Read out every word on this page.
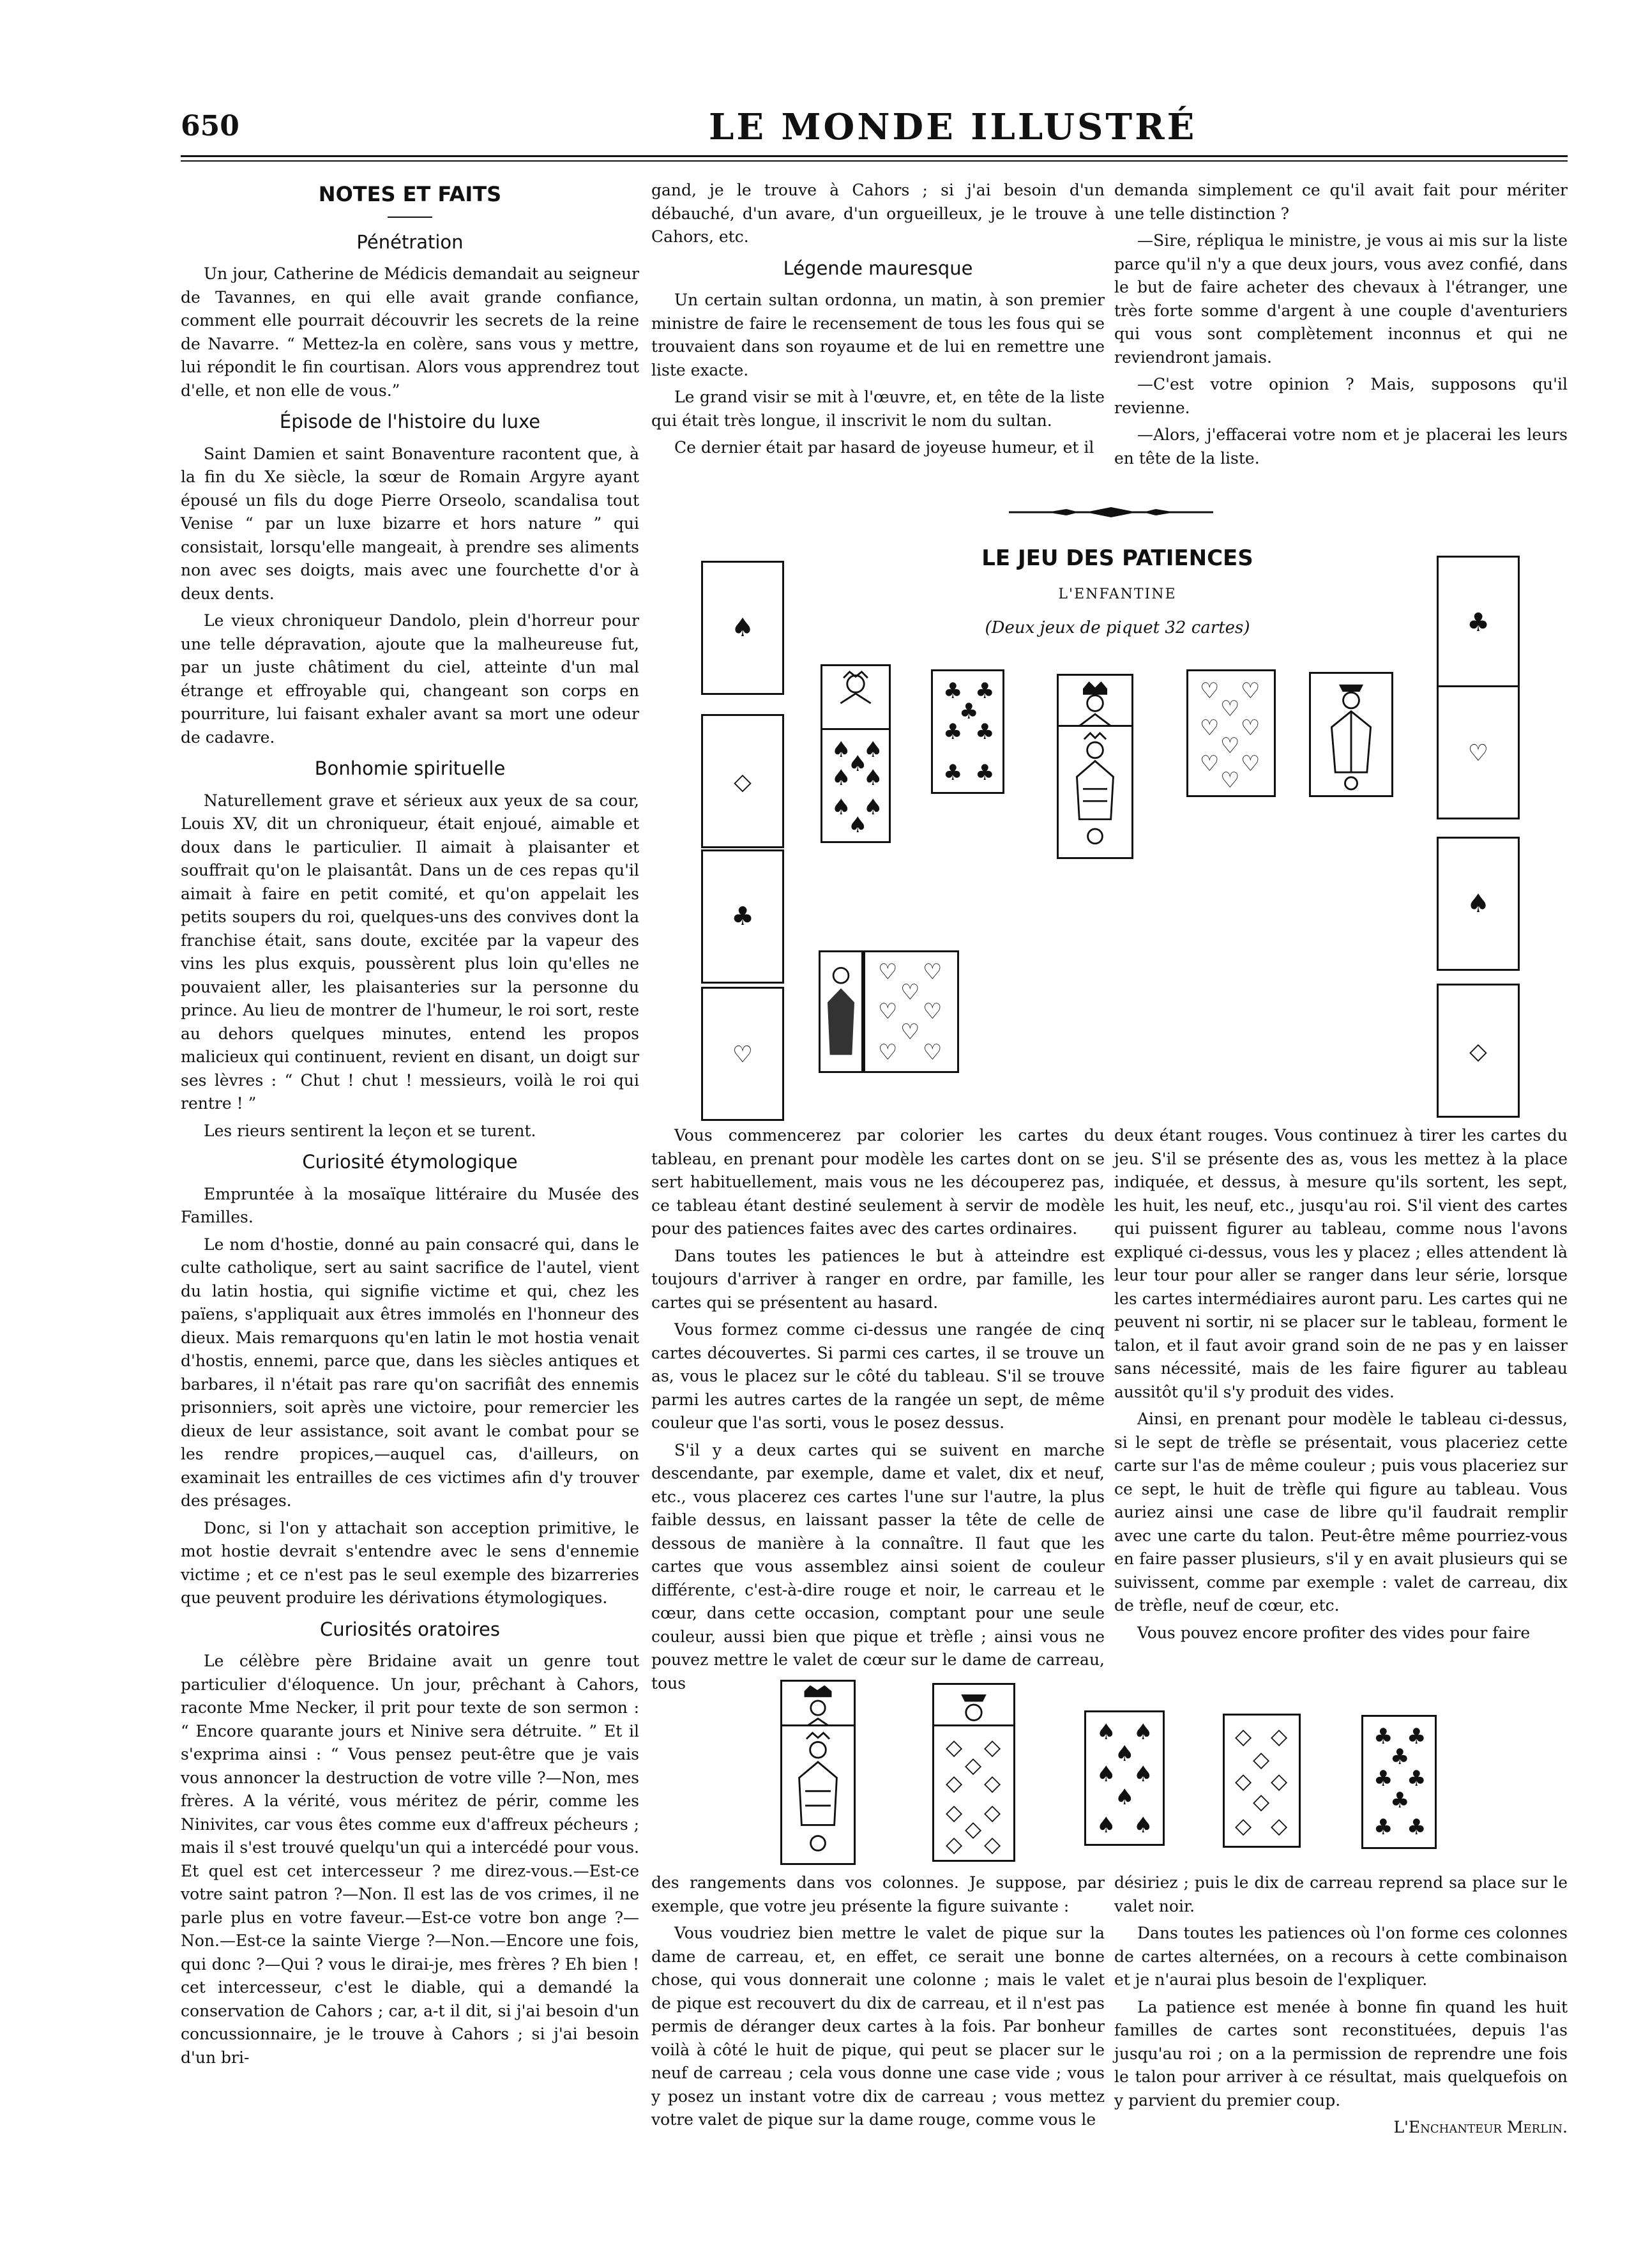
650	LE MONDE ILLUSTRÉ
NOTES ET FAITS
Pénétration

Un jour, Catherine de Médicis demandait au seigneur de Tavannes, en qui elle avait grande confiance, comment elle pourrait découvrir les secrets de la reine de Navarre. “ Mettez-la en colère, sans vous y mettre, lui répondit le fin courtisan. Alors vous apprendrez tout d'elle, et non elle de vous.”

Épisode de l'histoire du luxe

Saint Damien et saint Bonaventure racontent que, à la fin du Xe siècle, la sœur de Romain Argyre ayant épousé un fils du doge Pierre Orseolo, scandalisa tout Venise “ par un luxe bizarre et hors nature ” qui consistait, lorsqu'elle mangeait, à prendre ses aliments non avec ses doigts, mais avec une fourchette d'or à deux dents.

Le vieux chroniqueur Dandolo, plein d'horreur pour une telle dépravation, ajoute que la malheureuse fut, par un juste châtiment du ciel, atteinte d'un mal étrange et effroyable qui, changeant son corps en pourriture, lui faisant exhaler avant sa mort une odeur de cadavre.

Bonhomie spirituelle

Naturellement grave et sérieux aux yeux de sa cour, Louis XV, dit un chroniqueur, était enjoué, aimable et doux dans le particulier. Il aimait à plaisanter et souffrait qu'on le plaisantât. Dans un de ces repas qu'il aimait à faire en petit comité, et qu'on appelait les petits soupers du roi, quelques-uns des convives dont la franchise était, sans doute, excitée par la vapeur des vins les plus exquis, poussèrent plus loin qu'elles ne pouvaient aller, les plaisanteries sur la personne du prince. Au lieu de montrer de l'humeur, le roi sort, reste au dehors quelques minutes, entend les propos malicieux qui continuent, revient en disant, un doigt sur ses lèvres : “ Chut ! chut ! messieurs, voilà le roi qui rentre ! ”

Les rieurs sentirent la leçon et se turent.

Curiosité étymologique

Empruntée à la mosaïque littéraire du Musée des Familles.

Le nom d'hostie, donné au pain consacré qui, dans le culte catholique, sert au saint sacrifice de l'autel, vient du latin hostia, qui signifie victime et qui, chez les païens, s'appliquait aux êtres immolés en l'honneur des dieux. Mais remarquons qu'en latin le mot hostia venait d'hostis, ennemi, parce que, dans les siècles antiques et barbares, il n'était pas rare qu'on sacrifiât des ennemis prisonniers, soit après une victoire, pour remercier les dieux de leur assistance, soit avant le combat pour se les rendre propices,—auquel cas, d'ailleurs, on examinait les entrailles de ces victimes afin d'y trouver des présages.

Donc, si l'on y attachait son acception primitive, le mot hostie devrait s'entendre avec le sens d'ennemie victime ; et ce n'est pas le seul exemple des bizarreries que peuvent produire les dérivations étymologiques.

Curiosités oratoires

Le célèbre père Bridaine avait un genre tout particulier d'éloquence. Un jour, prêchant à Cahors, raconte Mme Necker, il prit pour texte de son sermon : “ Encore quarante jours et Ninive sera détruite. ” Et il s'exprima ainsi : “ Vous pensez peut-être que je vais vous annoncer la destruction de votre ville ?—Non, mes frères. A la vérité, vous méritez de périr, comme les Ninivites, car vous êtes comme eux d'affreux pécheurs ; mais il s'est trouvé quelqu'un qui a intercédé pour vous. Et quel est cet intercesseur ? me direz-vous.—Est-ce votre saint patron ?—Non. Il est las de vos crimes, il ne parle plus en votre faveur.—Est-ce votre bon ange ?—Non.—Est-ce la sainte Vierge ?—Non.—Encore une fois, qui donc ?—Qui ? vous le dirai-je, mes frères ? Eh bien ! cet intercesseur, c'est le diable, qui a demandé la conservation de Cahors ; car, a-t il dit, si j'ai besoin d'un concussionnaire, je le trouve à Cahors ; si j'ai besoin d'un bri-

gand, je le trouve à Cahors ; si j'ai besoin d'un débauché, d'un avare, d'un orgueilleux, je le trouve à Cahors, etc.

Légende mauresque

Un certain sultan ordonna, un matin, à son premier ministre de faire le recensement de tous les fous qui se trouvaient dans son royaume et de lui en remettre une liste exacte.

Le grand visir se mit à l'œuvre, et, en tête de la liste qui était très longue, il inscrivit le nom du sultan.

Ce dernier était par hasard de joyeuse humeur, et il

demanda simplement ce qu'il avait fait pour mériter une telle distinction ?

—Sire, répliqua le ministre, je vous ai mis sur la liste parce qu'il n'y a que deux jours, vous avez confié, dans le but de faire acheter des chevaux à l'étranger, une très forte somme d'argent à une couple d'aventuriers qui vous sont complètement inconnus et qui ne reviendront jamais.

—C'est votre opinion ? Mais, supposons qu'il revienne.

—Alors, j'effacerai votre nom et je placerai les leurs en tête de la liste.

LE JEU DES PATIENCES
L'ENFANTINE
(Deux jeux de piquet 32 cartes)
♠
◇
♣
♡
♣
♡
♠
◇
♠ ♠
♠ ♠
♠
♠ ♠
♠
♣ ♣
♣
♣ ♣
♣ ♣
♡ ♡
♡
♡ ♡
♡
♡ ♡
♡
♡ ♡
♡
♡ ♡
♡
♡ ♡

Vous commencerez par colorier les cartes du tableau, en prenant pour modèle les cartes dont on se sert habituellement, mais vous ne les découperez pas, ce tableau étant destiné seulement à servir de modèle pour des patiences faites avec des cartes ordinaires.

Dans toutes les patiences le but à atteindre est toujours d'arriver à ranger en ordre, par famille, les cartes qui se présentent au hasard.

Vous formez comme ci-dessus une rangée de cinq cartes découvertes. Si parmi ces cartes, il se trouve un as, vous le placez sur le côté du tableau. S'il se trouve parmi les autres cartes de la rangée un sept, de même couleur que l'as sorti, vous le posez dessus.

S'il y a deux cartes qui se suivent en marche descendante, par exemple, dame et valet, dix et neuf, etc., vous placerez ces cartes l'une sur l'autre, la plus faible dessus, en laissant passer la tête de celle de dessous de manière à la connaître. Il faut que les cartes que vous assemblez ainsi soient de couleur différente, c'est-à-dire rouge et noir, le carreau et le cœur, dans cette occasion, comptant pour une seule couleur, aussi bien que pique et trèfle ; ainsi vous ne pouvez mettre le valet de cœur sur le dame de carreau, tous

deux étant rouges. Vous continuez à tirer les cartes du jeu. S'il se présente des as, vous les mettez à la place indiquée, et dessus, à mesure qu'ils sortent, les sept, les huit, les neuf, etc., jusqu'au roi. S'il vient des cartes qui puissent figurer au tableau, comme nous l'avons expliqué ci-dessus, vous les y placez ; elles attendent là leur tour pour aller se ranger dans leur série, lorsque les cartes intermédiaires auront paru. Les cartes qui ne peuvent ni sortir, ni se placer sur le tableau, forment le talon, et il faut avoir grand soin de ne pas y en laisser sans nécessité, mais de les faire figurer au tableau aussitôt qu'il s'y produit des vides.

Ainsi, en prenant pour modèle le tableau ci-dessus, si le sept de trèfle se présentait, vous placeriez cette carte sur l'as de même couleur ; puis vous placeriez sur ce sept, le huit de trèfle qui figure au tableau. Vous auriez ainsi une case de libre qu'il faudrait remplir avec une carte du talon. Peut-être même pourriez-vous en faire passer plusieurs, s'il y en avait plusieurs qui se suivissent, comme par exemple : valet de carreau, dix de trèfle, neuf de cœur, etc.

Vous pouvez encore profiter des vides pour faire

◇ ◇
◇
◇ ◇
◇ ◇
◇
◇ ◇
♠ ♠
♠
♠ ♠
♠
♠ ♠
◇ ◇
◇
◇ ◇
◇
◇ ◇
♣ ♣
♣
♣ ♣
♣
♣ ♣

des rangements dans vos colonnes. Je suppose, par exemple, que votre jeu présente la figure suivante :

Vous voudriez bien mettre le valet de pique sur la dame de carreau, et, en effet, ce serait une bonne chose, qui vous donnerait une colonne ; mais le valet de pique est recouvert du dix de carreau, et il n'est pas permis de déranger deux cartes à la fois. Par bonheur voilà à côté le huit de pique, qui peut se placer sur le neuf de carreau ; cela vous donne une case vide ; vous y posez un instant votre dix de carreau ; vous mettez votre valet de pique sur la dame rouge, comme vous le

désiriez ; puis le dix de carreau reprend sa place sur le valet noir.

Dans toutes les patiences où l'on forme ces colonnes de cartes alternées, on a recours à cette combinaison et je n'aurai plus besoin de l'expliquer.

La patience est menée à bonne fin quand les huit familles de cartes sont reconstituées, depuis l'as jusqu'au roi ; on a la permission de reprendre une fois le talon pour arriver à ce résultat, mais quelquefois on y parvient du premier coup.

L'Enchanteur Merlin.
